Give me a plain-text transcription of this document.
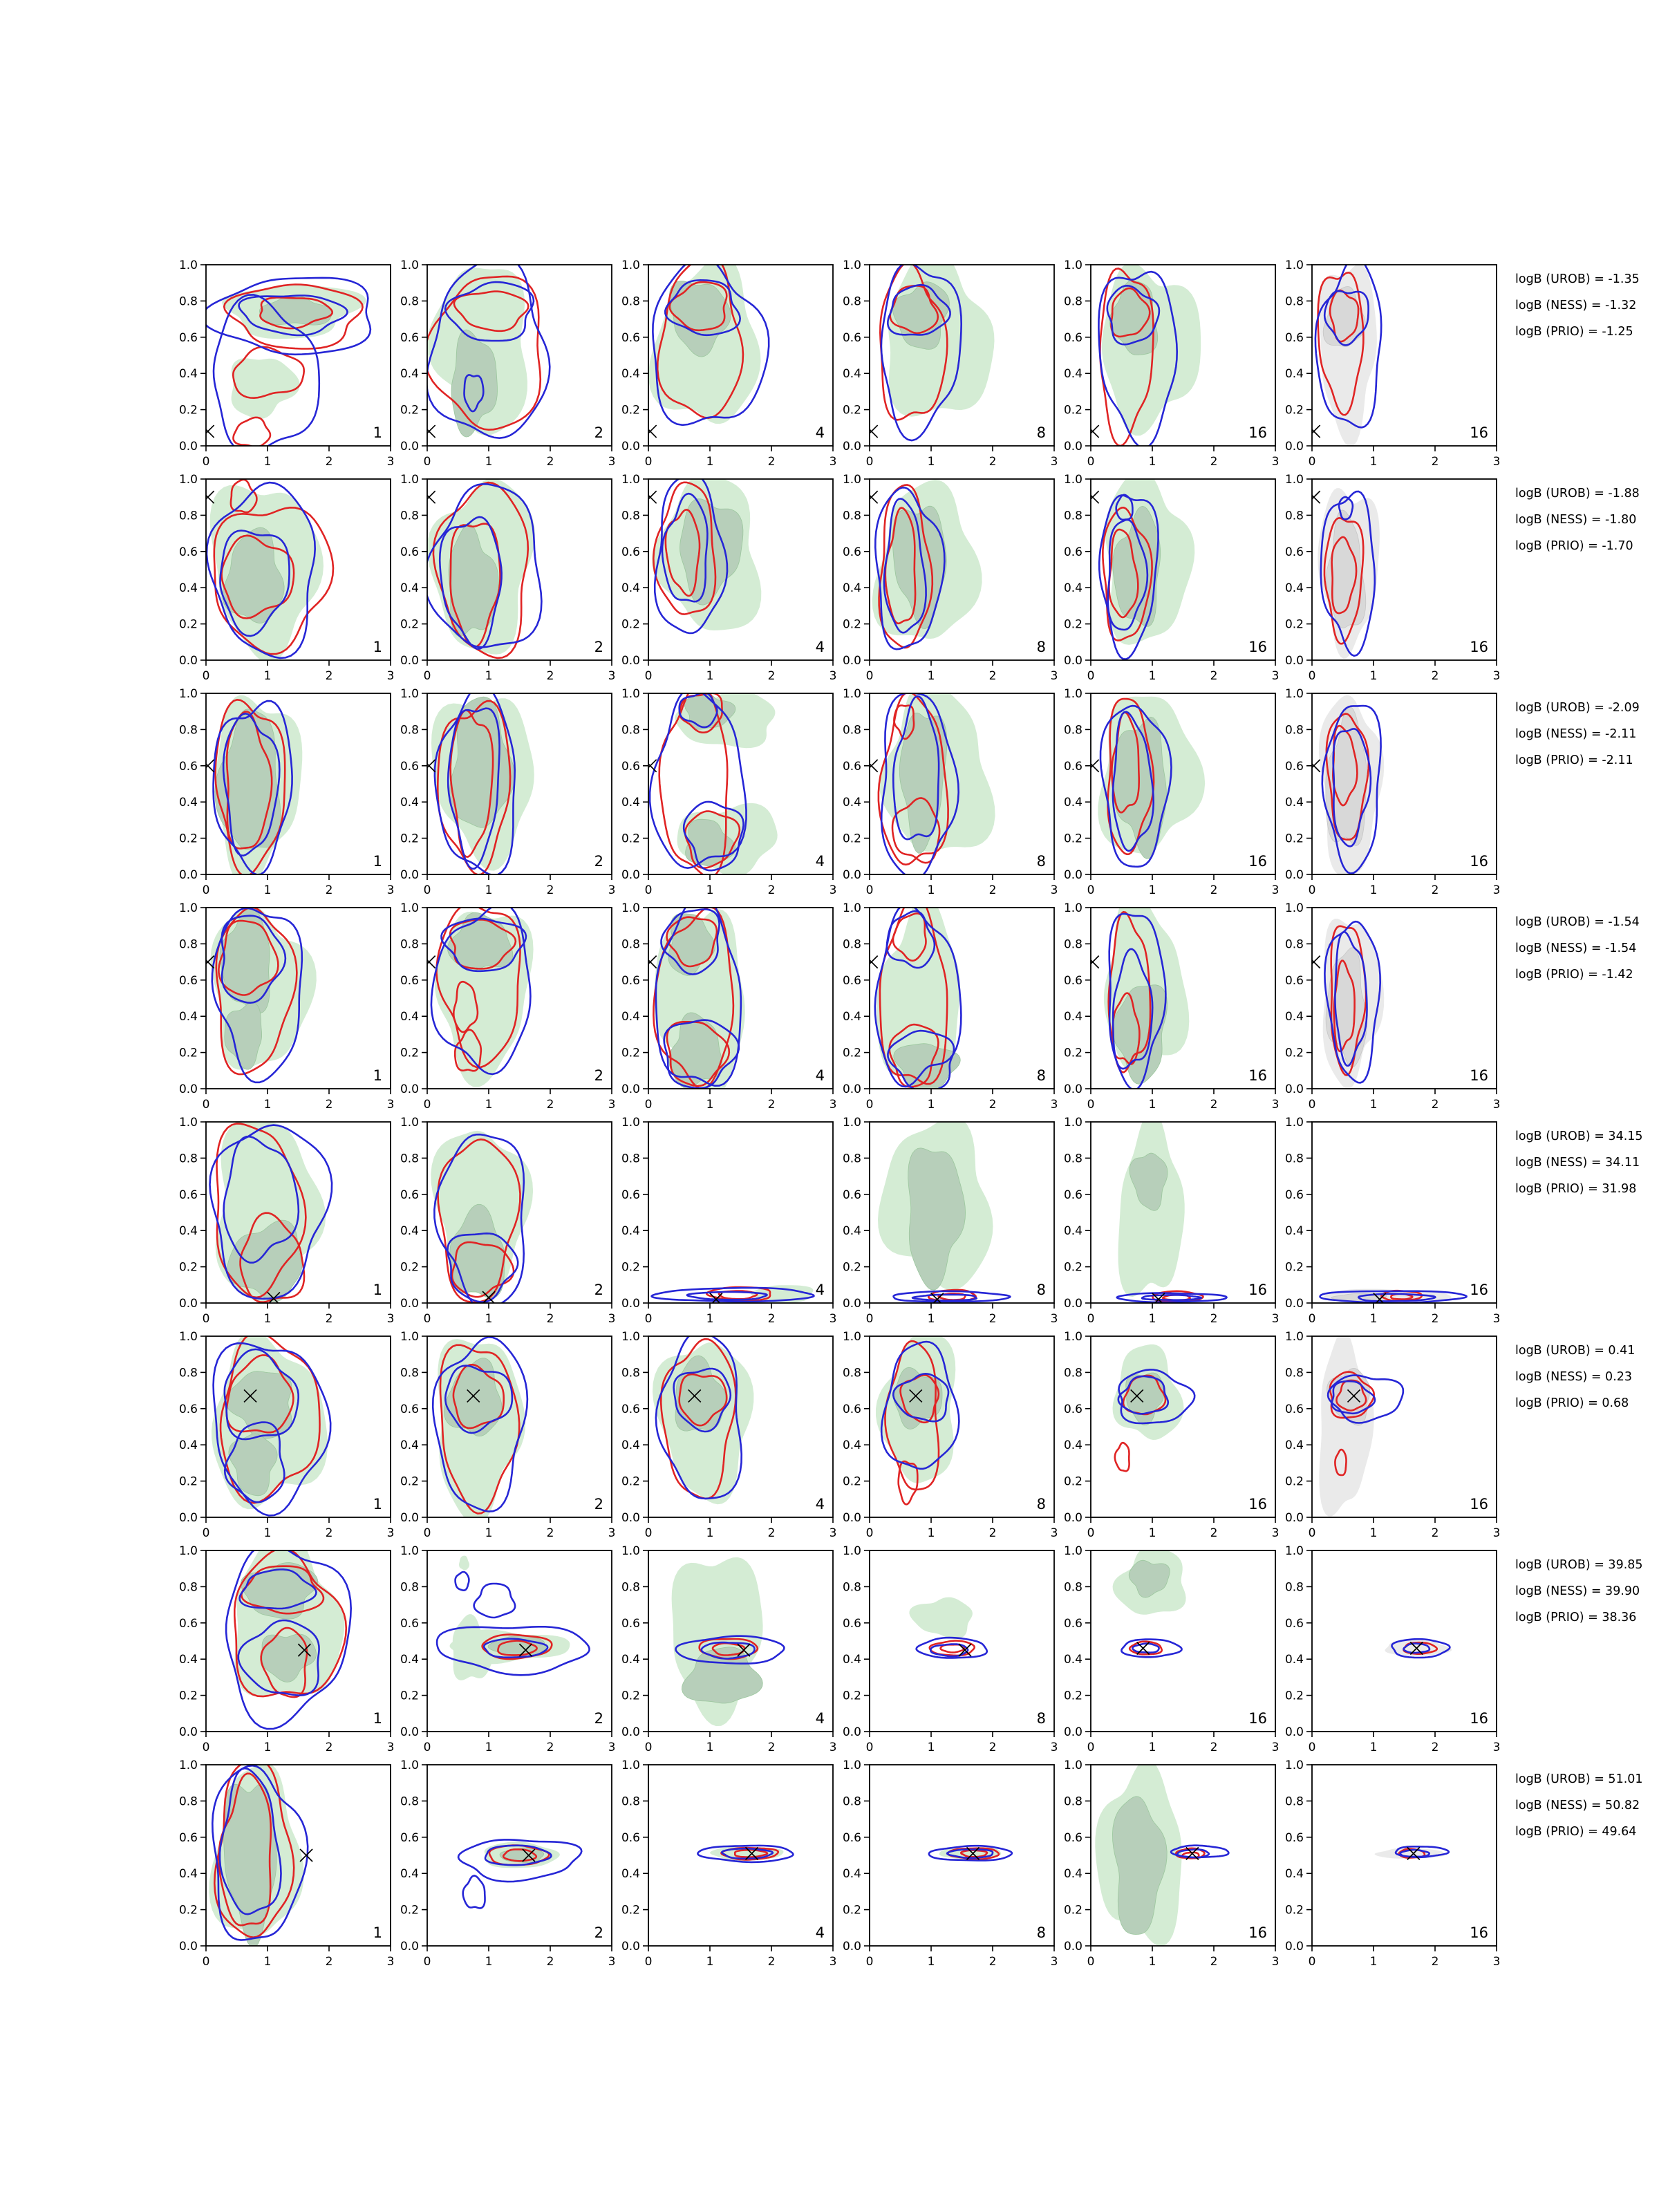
1
0	1	2	3
0.0
0.2
0.4
0.6
0.8
1.0
2
0	1	2	3
0.0
0.2
0.4
0.6
0.8
1.0
4
0	1	2	3
0.0
0.2
0.4
0.6
0.8
1.0
8
0	1	2	3
0.0
0.2
0.4
0.6
0.8
1.0
16
0	1	2	3
0.0
0.2
0.4
0.6
0.8
1.0
16
0	1	2	3
0.0
0.2
0.4
0.6
0.8
1.0
logB (UROB) = -1.35
logB (NESS) = -1.32
logB (PRIO) = -1.25
1
0	1	2	3
0.0
0.2
0.4
0.6
0.8
1.0
2
0	1	2	3
0.0
0.2
0.4
0.6
0.8
1.0
4
0	1	2	3
0.0
0.2
0.4
0.6
0.8
1.0
8
0	1	2	3
0.0
0.2
0.4
0.6
0.8
1.0
16
0	1	2	3
0.0
0.2
0.4
0.6
0.8
1.0
16
0	1	2	3
0.0
0.2
0.4
0.6
0.8
1.0
logB (UROB) = -1.88
logB (NESS) = -1.80
logB (PRIO) = -1.70
1
0	1	2	3
0.0
0.2
0.4
0.6
0.8
1.0
2
0	1	2	3
0.0
0.2
0.4
0.6
0.8
1.0
4
0	1	2	3
0.0
0.2
0.4
0.6
0.8
1.0
8
0	1	2	3
0.0
0.2
0.4
0.6
0.8
1.0
16
0	1	2	3
0.0
0.2
0.4
0.6
0.8
1.0
16
0	1	2	3
0.0
0.2
0.4
0.6
0.8
1.0
logB (UROB) = -2.09
logB (NESS) = -2.11
logB (PRIO) = -2.11
1
0	1	2	3
0.0
0.2
0.4
0.6
0.8
1.0
2
0	1	2	3
0.0
0.2
0.4
0.6
0.8
1.0
4
0	1	2	3
0.0
0.2
0.4
0.6
0.8
1.0
8
0	1	2	3
0.0
0.2
0.4
0.6
0.8
1.0
16
0	1	2	3
0.0
0.2
0.4
0.6
0.8
1.0
16
0	1	2	3
0.0
0.2
0.4
0.6
0.8
1.0
logB (UROB) = -1.54
logB (NESS) = -1.54
logB (PRIO) = -1.42
1
0	1	2	3
0.0
0.2
0.4
0.6
0.8
1.0
2
0	1	2	3
0.0
0.2
0.4
0.6
0.8
1.0
4
0	1	2	3
0.0
0.2
0.4
0.6
0.8
1.0
8
0	1	2	3
0.0
0.2
0.4
0.6
0.8
1.0
16
0	1	2	3
0.0
0.2
0.4
0.6
0.8
1.0
16
0	1	2	3
0.0
0.2
0.4
0.6
0.8
1.0
logB (UROB) = 34.15
logB (NESS) = 34.11
logB (PRIO) = 31.98
1
0	1	2	3
0.0
0.2
0.4
0.6
0.8
1.0
2
0	1	2	3
0.0
0.2
0.4
0.6
0.8
1.0
4
0	1	2	3
0.0
0.2
0.4
0.6
0.8
1.0
8
0	1	2	3
0.0
0.2
0.4
0.6
0.8
1.0
16
0	1	2	3
0.0
0.2
0.4
0.6
0.8
1.0
16
0	1	2	3
0.0
0.2
0.4
0.6
0.8
1.0
logB (UROB) = 0.41
logB (NESS) = 0.23
logB (PRIO) = 0.68
1
0	1	2	3
0.0
0.2
0.4
0.6
0.8
1.0
2
0	1	2	3
0.0
0.2
0.4
0.6
0.8
1.0
4
0	1	2	3
0.0
0.2
0.4
0.6
0.8
1.0
8
0	1	2	3
0.0
0.2
0.4
0.6
0.8
1.0
16
0	1	2	3
0.0
0.2
0.4
0.6
0.8
1.0
16
0	1	2	3
0.0
0.2
0.4
0.6
0.8
1.0
logB (UROB) = 39.85
logB (NESS) = 39.90
logB (PRIO) = 38.36
1
0	1	2	3
0.0
0.2
0.4
0.6
0.8
1.0
2
0	1	2	3
0.0
0.2
0.4
0.6
0.8
1.0
4
0	1	2	3
0.0
0.2
0.4
0.6
0.8
1.0
8
0	1	2	3
0.0
0.2
0.4
0.6
0.8
1.0
16
0	1	2	3
0.0
0.2
0.4
0.6
0.8
1.0
16
0	1	2	3
0.0
0.2
0.4
0.6
0.8
1.0
logB (UROB) = 51.01
logB (NESS) = 50.82
logB (PRIO) = 49.64
